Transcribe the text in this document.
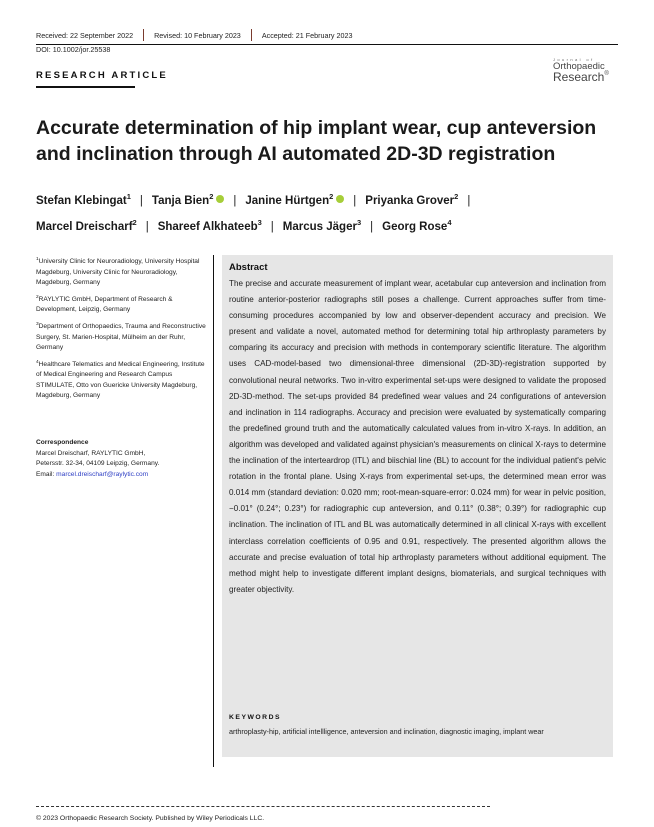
Received: 22 September 2022	Revised: 10 February 2023	Accepted: 21 February 2023
DOI: 10.1002/jor.25538
RESEARCH ARTICLE
Journal of
Orthopaedic
Research®
Accurate determination of hip implant wear, cup anteversion and inclination through AI automated 2D-3D registration
Stefan Klebingat$^1$ | Tanja Bien$^2$ | Janine Hürtgen$^2$ | Priyanka Grover$^2$ |
Marcel Dreischarf$^2$ | Shareef Alkhateeb$^3$ | Marcus Jäger$^3$ | Georg Rose$^4$

$^1$University Clinic for Neuroradiology, University Hospital Magdeburg, University Clinic for Neuroradiology, Magdeburg, Germany

$^2$RAYLYTIC GmbH, Department of Research & Development, Leipzig, Germany

$^3$Department of Orthopaedics, Trauma and Reconstructive Surgery, St. Marien-Hospital, Mülheim an der Ruhr, Germany

$^4$Healthcare Telematics and Medical Engineering, Institute of Medical Engineering and Research Campus STIMULATE, Otto von Guericke University Magdeburg, Magdeburg, Germany

Correspondence
Marcel Dreischarf, RAYLYTIC GmbH,
Petersstr. 32-34, 04109 Leipzig, Germany.
Email: marcel.dreischarf@raylytic.com
Abstract
The precise and accurate measurement of implant wear, acetabular cup anteversion and inclination from routine anterior-posterior radiographs still poses a challenge. Current approaches suffer from time-consuming procedures accompanied by low and observer-dependent accuracy and precision. We present and validate a novel, automated method for determining total hip arthroplasty parameters by comparing its accuracy and precision with methods in contemporary scientific literature. The algorithm uses CAD-model-based two dimensional-three dimensional (2D-3D)-registration supported by convolutional neural networks. Two in-vitro experimental set-ups were designed to validate the proposed 2D-3D-method. The set-ups provided 84 predefined wear values and 24 configurations of anteversion and inclination in 114 radiographs. Accuracy and precision were evaluated by systematically comparing the predefined ground truth and the automatically calculated values from in-vitro X-rays. In addition, an algorithm was developed and validated against physician's measurements on clinical X-rays to determine the inclination of the interteardrop (ITL) and biischial line (BL) to account for the individual patient's pelvic rotation in the frontal plane. Using X-rays from experimental set-ups, the determined mean error was 0.014 mm (standard deviation: 0.020 mm; root-mean-square-error: 0.024 mm) for wear in pelvic position, −0.01° (0.24°; 0.23°) for radiographic cup anteversion, and 0.11° (0.38°; 0.39°) for radiographic cup inclination. The inclination of ITL and BL was automatically determined in all clinical X-rays with excellent interclass correlation coefficients of 0.95 and 0.91, respectively. The presented algorithm allows the accurate and precise evaluation of total hip arthroplasty parameters without additional equipment. The method might help to investigate different implant designs, biomaterials, and surgical techniques with greater objectivity.
KEYWORDS
arthroplasty-hip, artificial intellligence, anteversion and inclination, diagnostic imaging, implant wear
© 2023 Orthopaedic Research Society. Published by Wiley Periodicals LLC.
